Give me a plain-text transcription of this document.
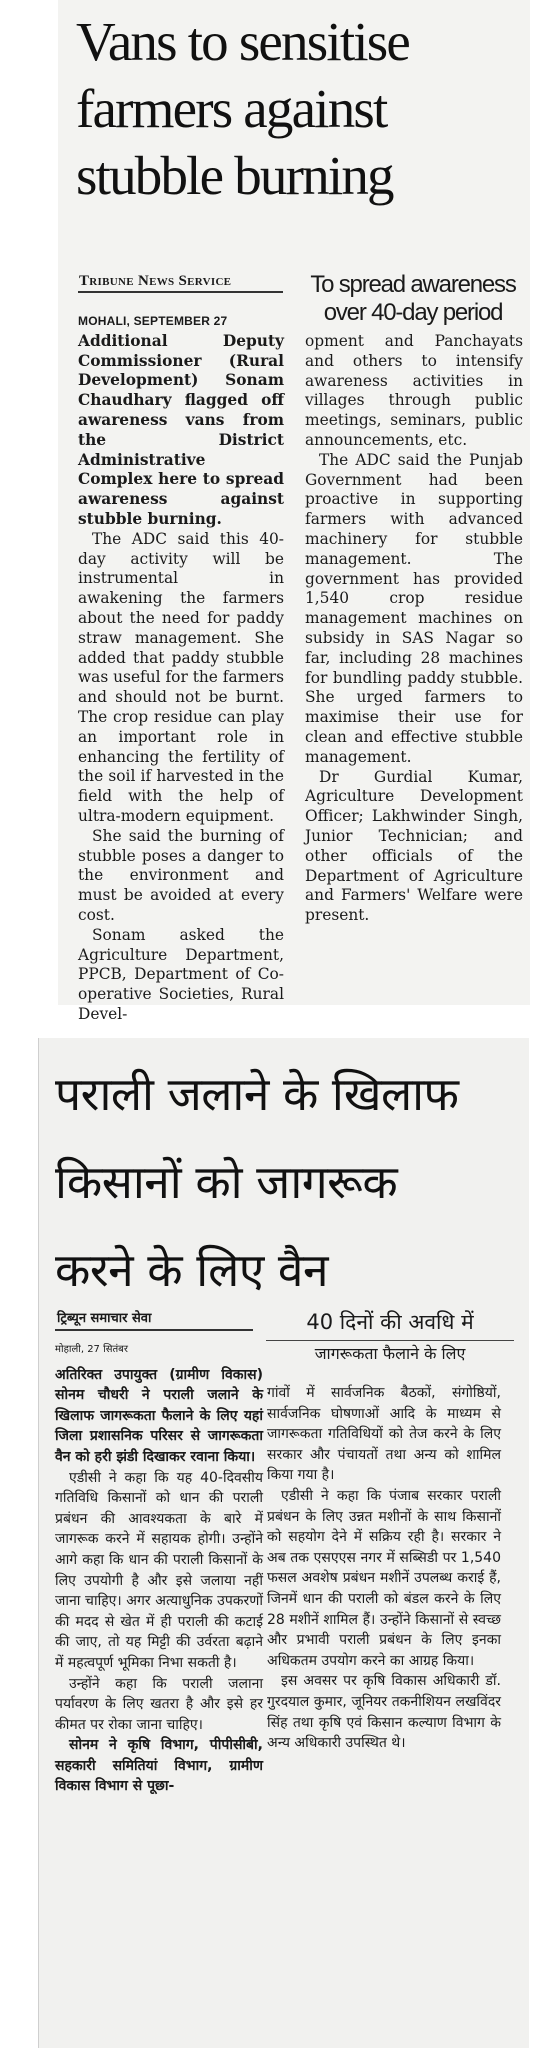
Vans to sensitise
farmers against
stubble burning
Tribune News Service	To spread awareness
over 40-day period
MOHALI, SEPTEMBER 27

Additional Deputy Commissioner (Rural Development) Sonam Chaudhary flagged off awareness vans from the District Administrative Complex here to spread awareness against stubble burning.

The ADC said this 40-day activity will be instrumental in awakening the farmers about the need for paddy straw management. She added that paddy stubble was useful for the farmers and should not be burnt. The crop residue can play an important role in enhancing the fertility of the soil if harvested in the field with the help of ultra-modern equipment.

She said the burning of stubble poses a danger to the environment and must be avoided at every cost.

Sonam asked the Agriculture Department, PPCB, Department of Co-operative Societies, Rural Devel-

opment and Panchayats and others to intensify awareness activities in villages through public meetings, seminars, public announcements, etc.

The ADC said the Punjab Government had been proactive in supporting farmers with advanced machinery for stubble management. The government has provided 1,540 crop residue management machines on subsidy in SAS Nagar so far, including 28 machines for bundling paddy stubble. She urged farmers to maximise their use for clean and effective stubble management.

Dr Gurdial Kumar, Agriculture Development Officer; Lakhwinder Singh, Junior Technician; and other officials of the Department of Agriculture and Farmers' Welfare were present.

पराली जलाने के खिलाफ
किसानों को जागरूक
करने के लिए वैन
ट्रिब्यून समाचार सेवा	40 दिनों की अवधि में
जागरूकता फैलाने के लिए
मोहाली, 27 सितंबर

अतिरिक्त उपायुक्त (ग्रामीण विकास) सोनम चौधरी ने पराली जलाने के खिलाफ जागरूकता फैलाने के लिए यहां जिला प्रशासनिक परिसर से जागरूकता वैन को हरी झंडी दिखाकर रवाना किया।

एडीसी ने कहा कि यह 40-दिवसीय गतिविधि किसानों को धान की पराली प्रबंधन की आवश्यकता के बारे में जागरूक करने में सहायक होगी। उन्होंने आगे कहा कि धान की पराली किसानों के लिए उपयोगी है और इसे जलाया नहीं जाना चाहिए। अगर अत्याधुनिक उपकरणों की मदद से खेत में ही पराली की कटाई की जाए, तो यह मिट्टी की उर्वरता बढ़ाने में महत्वपूर्ण भूमिका निभा सकती है।

उन्होंने कहा कि पराली जलाना पर्यावरण के लिए खतरा है और इसे हर कीमत पर रोका जाना चाहिए।

सोनम ने कृषि विभाग, पीपीसीबी, सहकारी समितियां विभाग, ग्रामीण विकास विभाग से पूछा-

गांवों में सार्वजनिक बैठकों, संगोष्ठियों, सार्वजनिक घोषणाओं आदि के माध्यम से जागरूकता गतिविधियों को तेज करने के लिए सरकार और पंचायतों तथा अन्य को शामिल किया गया है।

एडीसी ने कहा कि पंजाब सरकार पराली प्रबंधन के लिए उन्नत मशीनों के साथ किसानों को सहयोग देने में सक्रिय रही है। सरकार ने अब तक एसएएस नगर में सब्सिडी पर 1,540 फसल अवशेष प्रबंधन मशीनें उपलब्ध कराई हैं, जिनमें धान की पराली को बंडल करने के लिए 28 मशीनें शामिल हैं। उन्होंने किसानों से स्वच्छ और प्रभावी पराली प्रबंधन के लिए इनका अधिकतम उपयोग करने का आग्रह किया।

इस अवसर पर कृषि विकास अधिकारी डॉ. गुरदयाल कुमार, जूनियर तकनीशियन लखविंदर सिंह तथा कृषि एवं किसान कल्याण विभाग के अन्य अधिकारी उपस्थित थे।
